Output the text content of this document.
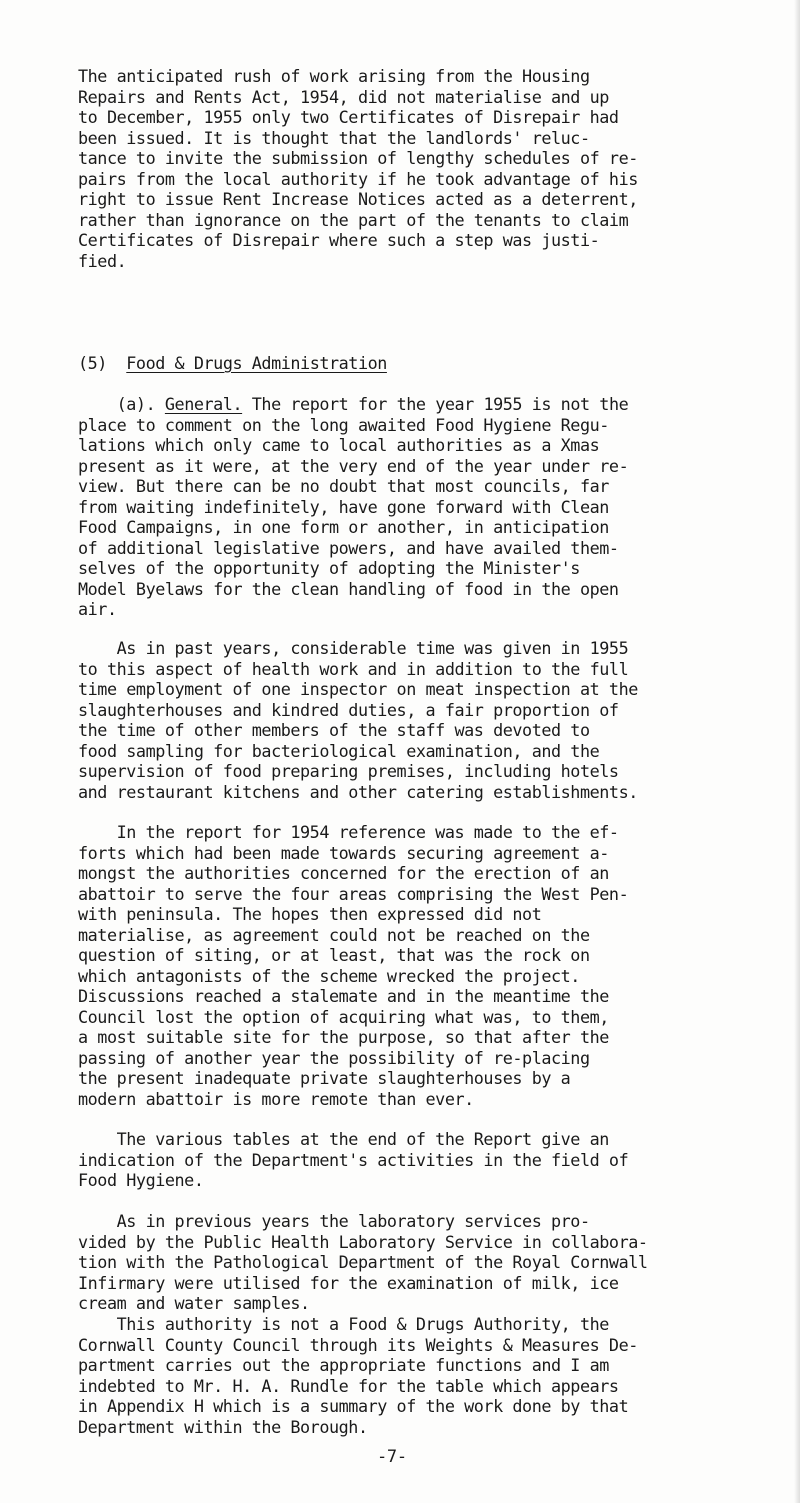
The anticipated rush of work arising from the Housing
Repairs and Rents Act, 1954, did not materialise and up
to December, 1955 only two Certificates of Disrepair had
been issued. It is thought that the landlords' reluc-
tance to invite the submission of lengthy schedules of re-
pairs from the local authority if he took advantage of his
right to issue Rent Increase Notices acted as a deterrent,
rather than ignorance on the part of the tenants to claim
Certificates of Disrepair where such a step was justi-
fied.

(5) Food & Drugs Administration

(a). General. The report for the year 1955 is not the
place to comment on the long awaited Food Hygiene Regu-
lations which only came to local authorities as a Xmas
present as it were, at the very end of the year under re-
view. But there can be no doubt that most councils, far
from waiting indefinitely, have gone forward with Clean
Food Campaigns, in one form or another, in anticipation
of additional legislative powers, and have availed them-
selves of the opportunity of adopting the Minister's
Model Byelaws for the clean handling of food in the open
air.

As in past years, considerable time was given in 1955
to this aspect of health work and in addition to the full
time employment of one inspector on meat inspection at the
slaughterhouses and kindred duties, a fair proportion of
the time of other members of the staff was devoted to
food sampling for bacteriological examination, and the
supervision of food preparing premises, including hotels
and restaurant kitchens and other catering establishments.

In the report for 1954 reference was made to the ef-
forts which had been made towards securing agreement a-
mongst the authorities concerned for the erection of an
abattoir to serve the four areas comprising the West Pen-
with peninsula. The hopes then expressed did not
materialise, as agreement could not be reached on the
question of siting, or at least, that was the rock on
which antagonists of the scheme wrecked the project.
Discussions reached a stalemate and in the meantime the
Council lost the option of acquiring what was, to them,
a most suitable site for the purpose, so that after the
passing of another year the possibility of re-placing
the present inadequate private slaughterhouses by a
modern abattoir is more remote than ever.

The various tables at the end of the Report give an
indication of the Department's activities in the field of
Food Hygiene.

As in previous years the laboratory services pro-
vided by the Public Health Laboratory Service in collabora-
tion with the Pathological Department of the Royal Cornwall
Infirmary were utilised for the examination of milk, ice
cream and water samples.

This authority is not a Food & Drugs Authority, the
Cornwall County Council through its Weights & Measures De-
partment carries out the appropriate functions and I am
indebted to Mr. H. A. Rundle for the table which appears
in Appendix H which is a summary of the work done by that
Department within the Borough.

-7-
